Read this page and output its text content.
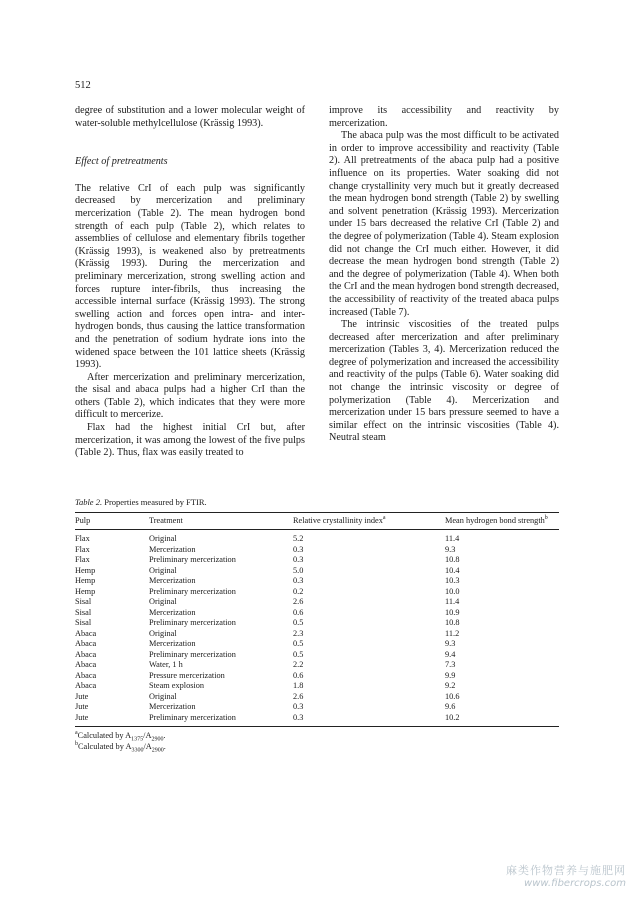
512

degree of substitution and a lower molecular weight of water-soluble methylcellulose (Krässig 1993).

Effect of pretreatments

The relative CrI of each pulp was significantly decreased by mercerization and preliminary mercerization (Table 2). The mean hydrogen bond strength of each pulp (Table 2), which relates to assemblies of cellulose and elementary fibrils together (Krässig 1993), is weakened also by pretreatments (Krässig 1993). During the mercerization and preliminary mercerization, strong swelling action and forces rupture inter-fibrils, thus increasing the accessible internal surface (Krässig 1993). The strong swelling action and forces open intra- and inter-hydrogen bonds, thus causing the lattice transformation and the penetration of sodium hydrate ions into the widened space between the 101 lattice sheets (Krässig 1993).

After mercerization and preliminary mercerization, the sisal and abaca pulps had a higher CrI than the others (Table 2), which indicates that they were more difficult to mercerize.

Flax had the highest initial CrI but, after mercerization, it was among the lowest of the five pulps (Table 2). Thus, flax was easily treated to

improve its accessibility and reactivity by mercerization.

The abaca pulp was the most difficult to be activated in order to improve accessibility and reactivity (Table 2). All pretreatments of the abaca pulp had a positive influence on its properties. Water soaking did not change crystallinity very much but it greatly decreased the mean hydrogen bond strength (Table 2) by swelling and solvent penetration (Krässig 1993). Mercerization under 15 bars decreased the relative CrI (Table 2) and the degree of polymerization (Table 4). Steam explosion did not change the CrI much either. However, it did decrease the mean hydrogen bond strength (Table 2) and the degree of polymerization (Table 4). When both the CrI and the mean hydrogen bond strength decreased, the accessibility of reactivity of the treated abaca pulps increased (Table 7).

The intrinsic viscosities of the treated pulps decreased after mercerization and after preliminary mercerization (Tables 3, 4). Mercerization reduced the degree of polymerization and increased the accessibility and reactivity of the pulps (Table 6). Water soaking did not change the intrinsic viscosity or degree of polymerization (Table 4). Mercerization and mercerization under 15 bars pressure seemed to have a similar effect on the intrinsic viscosities (Table 4). Neutral steam

Table 2. Properties measured by FTIR.

Pulp	Treatment	Relative crystallinity index$^a$	Mean hydrogen bond strength$^b$
Flax	Original	5.2	11.4
Flax	Mercerization	0.3	9.3
Flax	Preliminary mercerization	0.3	10.8
Hemp	Original	5.0	10.4
Hemp	Mercerization	0.3	10.3
Hemp	Preliminary mercerization	0.2	10.0
Sisal	Original	2.6	11.4
Sisal	Mercerization	0.6	10.9
Sisal	Preliminary mercerization	0.5	10.8
Abaca	Original	2.3	11.2
Abaca	Mercerization	0.5	9.3
Abaca	Preliminary mercerization	0.5	9.4
Abaca	Water, 1 h	2.2	7.3
Abaca	Pressure mercerization	0.6	9.9
Abaca	Steam explosion	1.8	9.2
Jute	Original	2.6	10.6
Jute	Mercerization	0.3	9.6
Jute	Preliminary mercerization	0.3	10.2

$^a$Calculated by $A_{1375}/A_{2900}$.

$^b$Calculated by $A_{3300}/A_{2900}$.

麻类作物营养与施肥网
www.fibercrops.com
